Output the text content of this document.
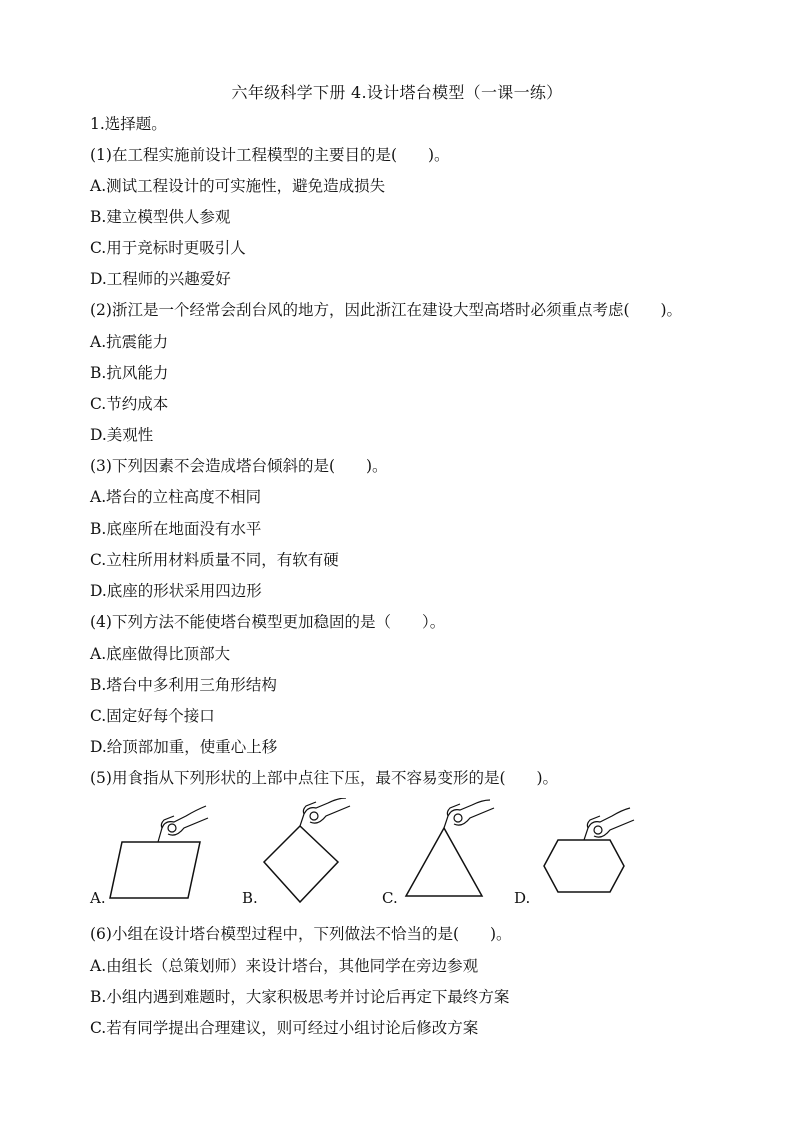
六年级科学下册 4.设计塔台模型（一课一练）
1.选择题。
(1)在工程实施前设计工程模型的主要目的是(　　)。
A.测试工程设计的可实施性，避免造成损失
B.建立模型供人参观
C.用于竞标时更吸引人
D.工程师的兴趣爱好
(2)浙江是一个经常会刮台风的地方，因此浙江在建设大型高塔时必须重点考虑(　　)。
A.抗震能力
B.抗风能力
C.节约成本
D.美观性
(3)下列因素不会造成塔台倾斜的是(　　)。
A.塔台的立柱高度不相同
B.底座所在地面没有水平
C.立柱所用材料质量不同，有软有硬
D.底座的形状采用四边形
(4)下列方法不能使塔台模型更加稳固的是（　　）。
A.底座做得比顶部大
B.塔台中多利用三角形结构
C.固定好每个接口
D.给顶部加重，使重心上移
(5)用食指从下列形状的上部中点往下压，最不容易变形的是(　　)。
A.	B.	C.	D.
(6)小组在设计塔台模型过程中，下列做法不恰当的是(　　)。
A.由组长（总策划师）来设计塔台，其他同学在旁边参观
B.小组内遇到难题时，大家积极思考并讨论后再定下最终方案
C.若有同学提出合理建议，则可经过小组讨论后修改方案
